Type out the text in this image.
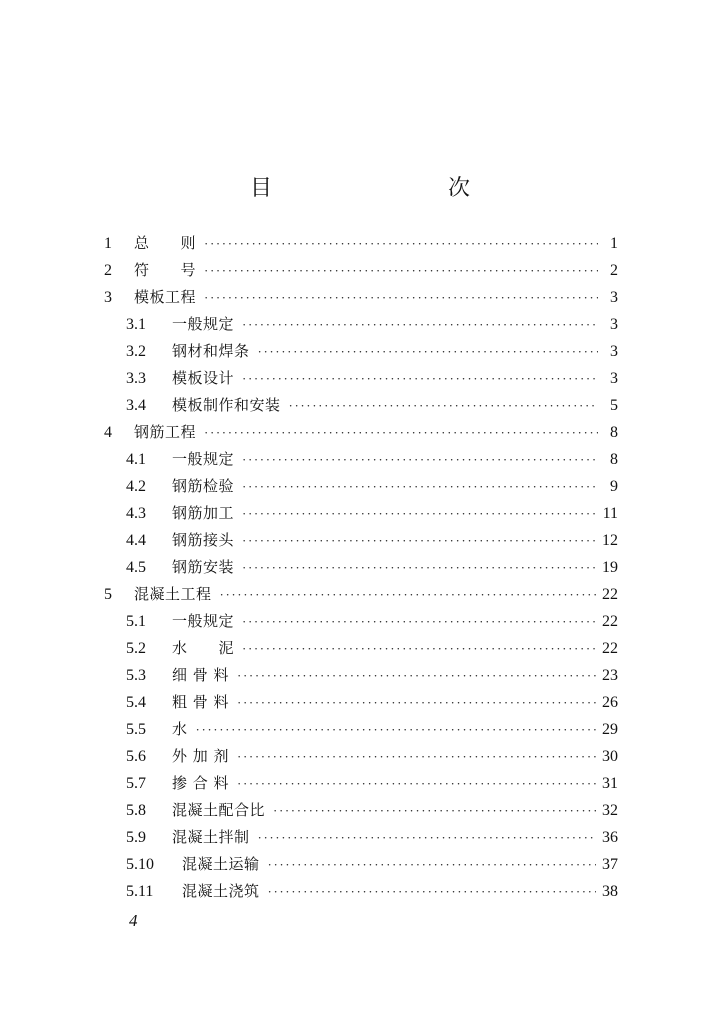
目　　次
1	总　　则 ·····	1
2	符　　号 ·····	2
3	模板工程 ·····	3
3.1	一般规定 ·····	3
3.2	钢材和焊条 ·····	3
3.3	模板设计 ·····	3
3.4	模板制作和安装 ·····	5
4	钢筋工程 ·····	8
4.1	一般规定 ·····	8
4.2	钢筋检验 ·····	9
4.3	钢筋加工 ·····	11
4.4	钢筋接头 ·····	12
4.5	钢筋安装 ·····	19
5	混凝土工程 ·····	22
5.1	一般规定 ·····	22
5.2	水　　泥 ·····	22
5.3	细 骨 料 ·····	23
5.4	粗 骨 料 ·····	26
5.5	水 ·····	29
5.6	外 加 剂 ·····	30
5.7	掺 合 料 ·····	31
5.8	混凝土配合比 ·····	32
5.9	混凝土拌制 ·····	36
5.10	混凝土运输 ·····	37
5.11	混凝土浇筑 ·····	38
4
